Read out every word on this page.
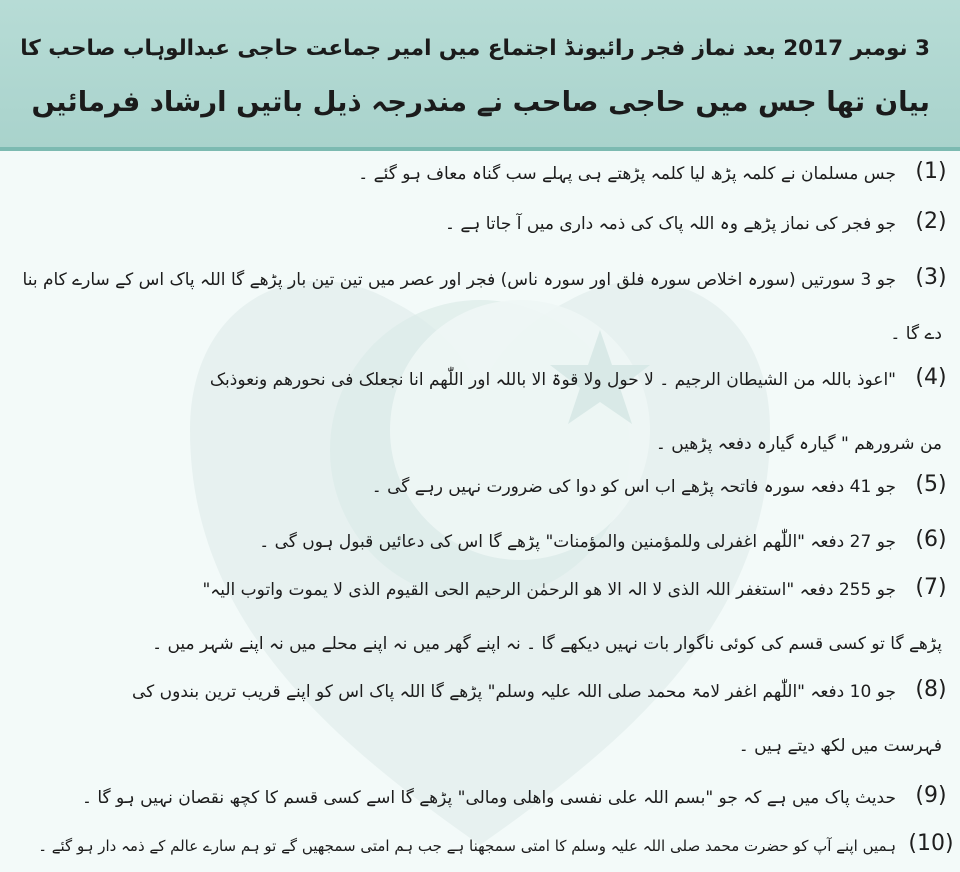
3 نومبر 2017 بعد نماز فجر رائیونڈ اجتماع میں امیر جماعت حاجی عبدالوہاب صاحب کا
بیان تھا جس میں حاجی صاحب نے مندرجہ ذیل باتیں ارشاد فرمائیں
(1)
جس مسلمان نے کلمہ پڑھ لیا کلمہ پڑھتے ہی پہلے سب گناہ معاف ہو گئے ۔
(2)
جو فجر کی نماز پڑھے وہ اللہ پاک کی ذمہ داری میں آ جاتا ہے ۔
(3)
جو 3 سورتیں (سورہ اخلاص سورہ فلق اور سورہ ناس) فجر اور عصر میں تین تین بار پڑھے گا اللہ پاک اس کے سارے کام بنا
دے گا ۔
(4)
"اعوذ باللہ من الشیطان الرجیم ۔ لا حول ولا قوۃ الا باللہ اور اللّٰھم انا نجعلک فی نحورھم ونعوذبک
من شرورھم " گیارہ گیارہ دفعہ پڑھیں ۔
(5)
جو 41 دفعہ سورہ فاتحہ پڑھے اب اس کو دوا کی ضرورت نہیں رہے گی ۔
(6)
جو 27 دفعہ "اللّٰھم اغفرلی وللمؤمنین والمؤمنات" پڑھے گا اس کی دعائیں قبول ہوں گی ۔
(7)
جو 255 دفعہ "استغفر اللہ الذی لا الہ الا ھو الرحمٰن الرحیم الحی القیوم الذی لا یموت واتوب الیہ"
پڑھے گا تو کسی قسم کی کوئی ناگوار بات نہیں دیکھے گا ۔ نہ اپنے گھر میں نہ اپنے محلے میں نہ اپنے شہر میں ۔
(8)
جو 10 دفعہ "اللّٰھم اغفر لامۃ محمد صلی اللہ علیہ وسلم" پڑھے گا اللہ پاک اس کو اپنے قریب ترین بندوں کی
فہرست میں لکھ دیتے ہیں ۔
(9)
حدیث پاک میں ہے کہ جو "بسم اللہ علی نفسی واھلی ومالی" پڑھے گا اسے کسی قسم کا کچھ نقصان نہیں ہو گا ۔
(10)
ہمیں اپنے آپ کو حضرت محمد صلی اللہ علیہ وسلم کا امتی سمجھنا ہے جب ہم امتی سمجھیں گے تو ہم سارے عالم کے ذمہ دار ہو گئے ۔
